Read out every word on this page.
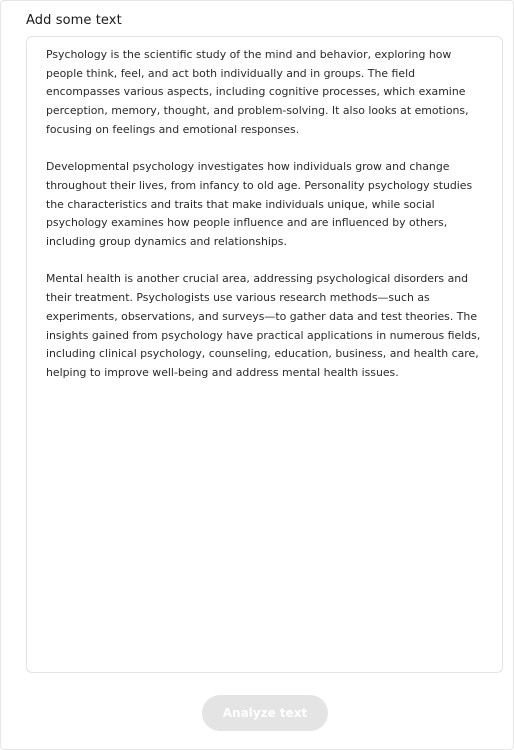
Add some text

Psychology is the scientific study of the mind and behavior, exploring how people think, feel, and act both individually and in groups. The field encompasses various aspects, including cognitive processes, which examine perception, memory, thought, and problem-solving. It also looks at emotions, focusing on feelings and emotional responses.

Developmental psychology investigates how individuals grow and change throughout their lives, from infancy to old age. Personality psychology studies the characteristics and traits that make individuals unique, while social psychology examines how people influence and are influenced by others, including group dynamics and relationships.

Mental health is another crucial area, addressing psychological disorders and their treatment. Psychologists use various research methods—such as experiments, observations, and surveys—to gather data and test theories. The insights gained from psychology have practical applications in numerous fields, including clinical psychology, counseling, education, business, and health care, helping to improve well-being and address mental health issues.

Analyze text
